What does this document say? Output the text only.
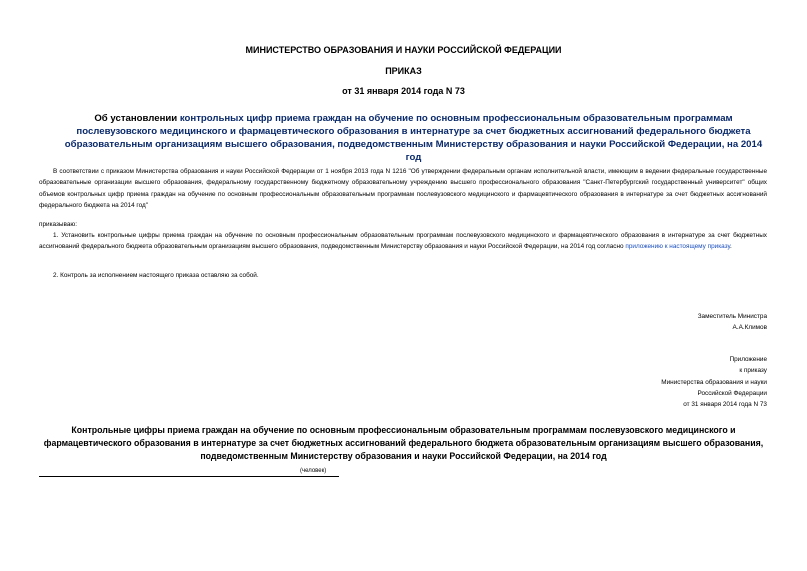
МИНИСТЕРСТВО ОБРАЗОВАНИЯ И НАУКИ РОССИЙСКОЙ ФЕДЕРАЦИИ
ПРИКАЗ
от 31 января 2014 года N 73
Об установлении контрольных цифр приема граждан на обучение по основным профессиональным образовательным программам послевузовского медицинского и фармацевтического образования в интернатуре за счет бюджетных ассигнований федерального бюджета образовательным организациям высшего образования, подведомственным Министерству образования и науки Российской Федерации, на 2014 год
В соответствии с приказом Министерства образования и науки Российской Федерации от 1 ноября 2013 года N 1216 "Об утверждении федеральным органам исполнительной власти, имеющим в ведении федеральные государственные образовательные организации высшего образования, федеральному государственному бюджетному образовательному учреждению высшего профессионального образования "Санкт-Петербургский государственный университет" общих объемов контрольных цифр приема граждан на обучение по основным профессиональным образовательным программам послевузовского медицинского и фармацевтического образования в интернатуре за счет бюджетных ассигнований федерального бюджета на 2014 год"
приказываю:
1. Установить контрольные цифры приема граждан на обучение по основным профессиональным образовательным программам послевузовского медицинского и фармацевтического образования в интернатуре за счет бюджетных ассигнований федерального бюджета образовательным организациям высшего образования, подведомственным Министерству образования и науки Российской Федерации, на 2014 год согласно приложению к настоящему приказу.
2. Контроль за исполнением настоящего приказа оставляю за собой.
Заместитель Министра
А.А.Климов
Приложение
к приказу
Министерства образования и науки
Российской Федерации
от 31 января 2014 года N 73
Контрольные цифры приема граждан на обучение по основным профессиональным образовательным программам послевузовского медицинского и фармацевтического образования в интернатуре за счет бюджетных ассигнований федерального бюджета образовательным организациям высшего образования, подведомственным Министерству образования и науки Российской Федерации, на 2014 год
(человек)
